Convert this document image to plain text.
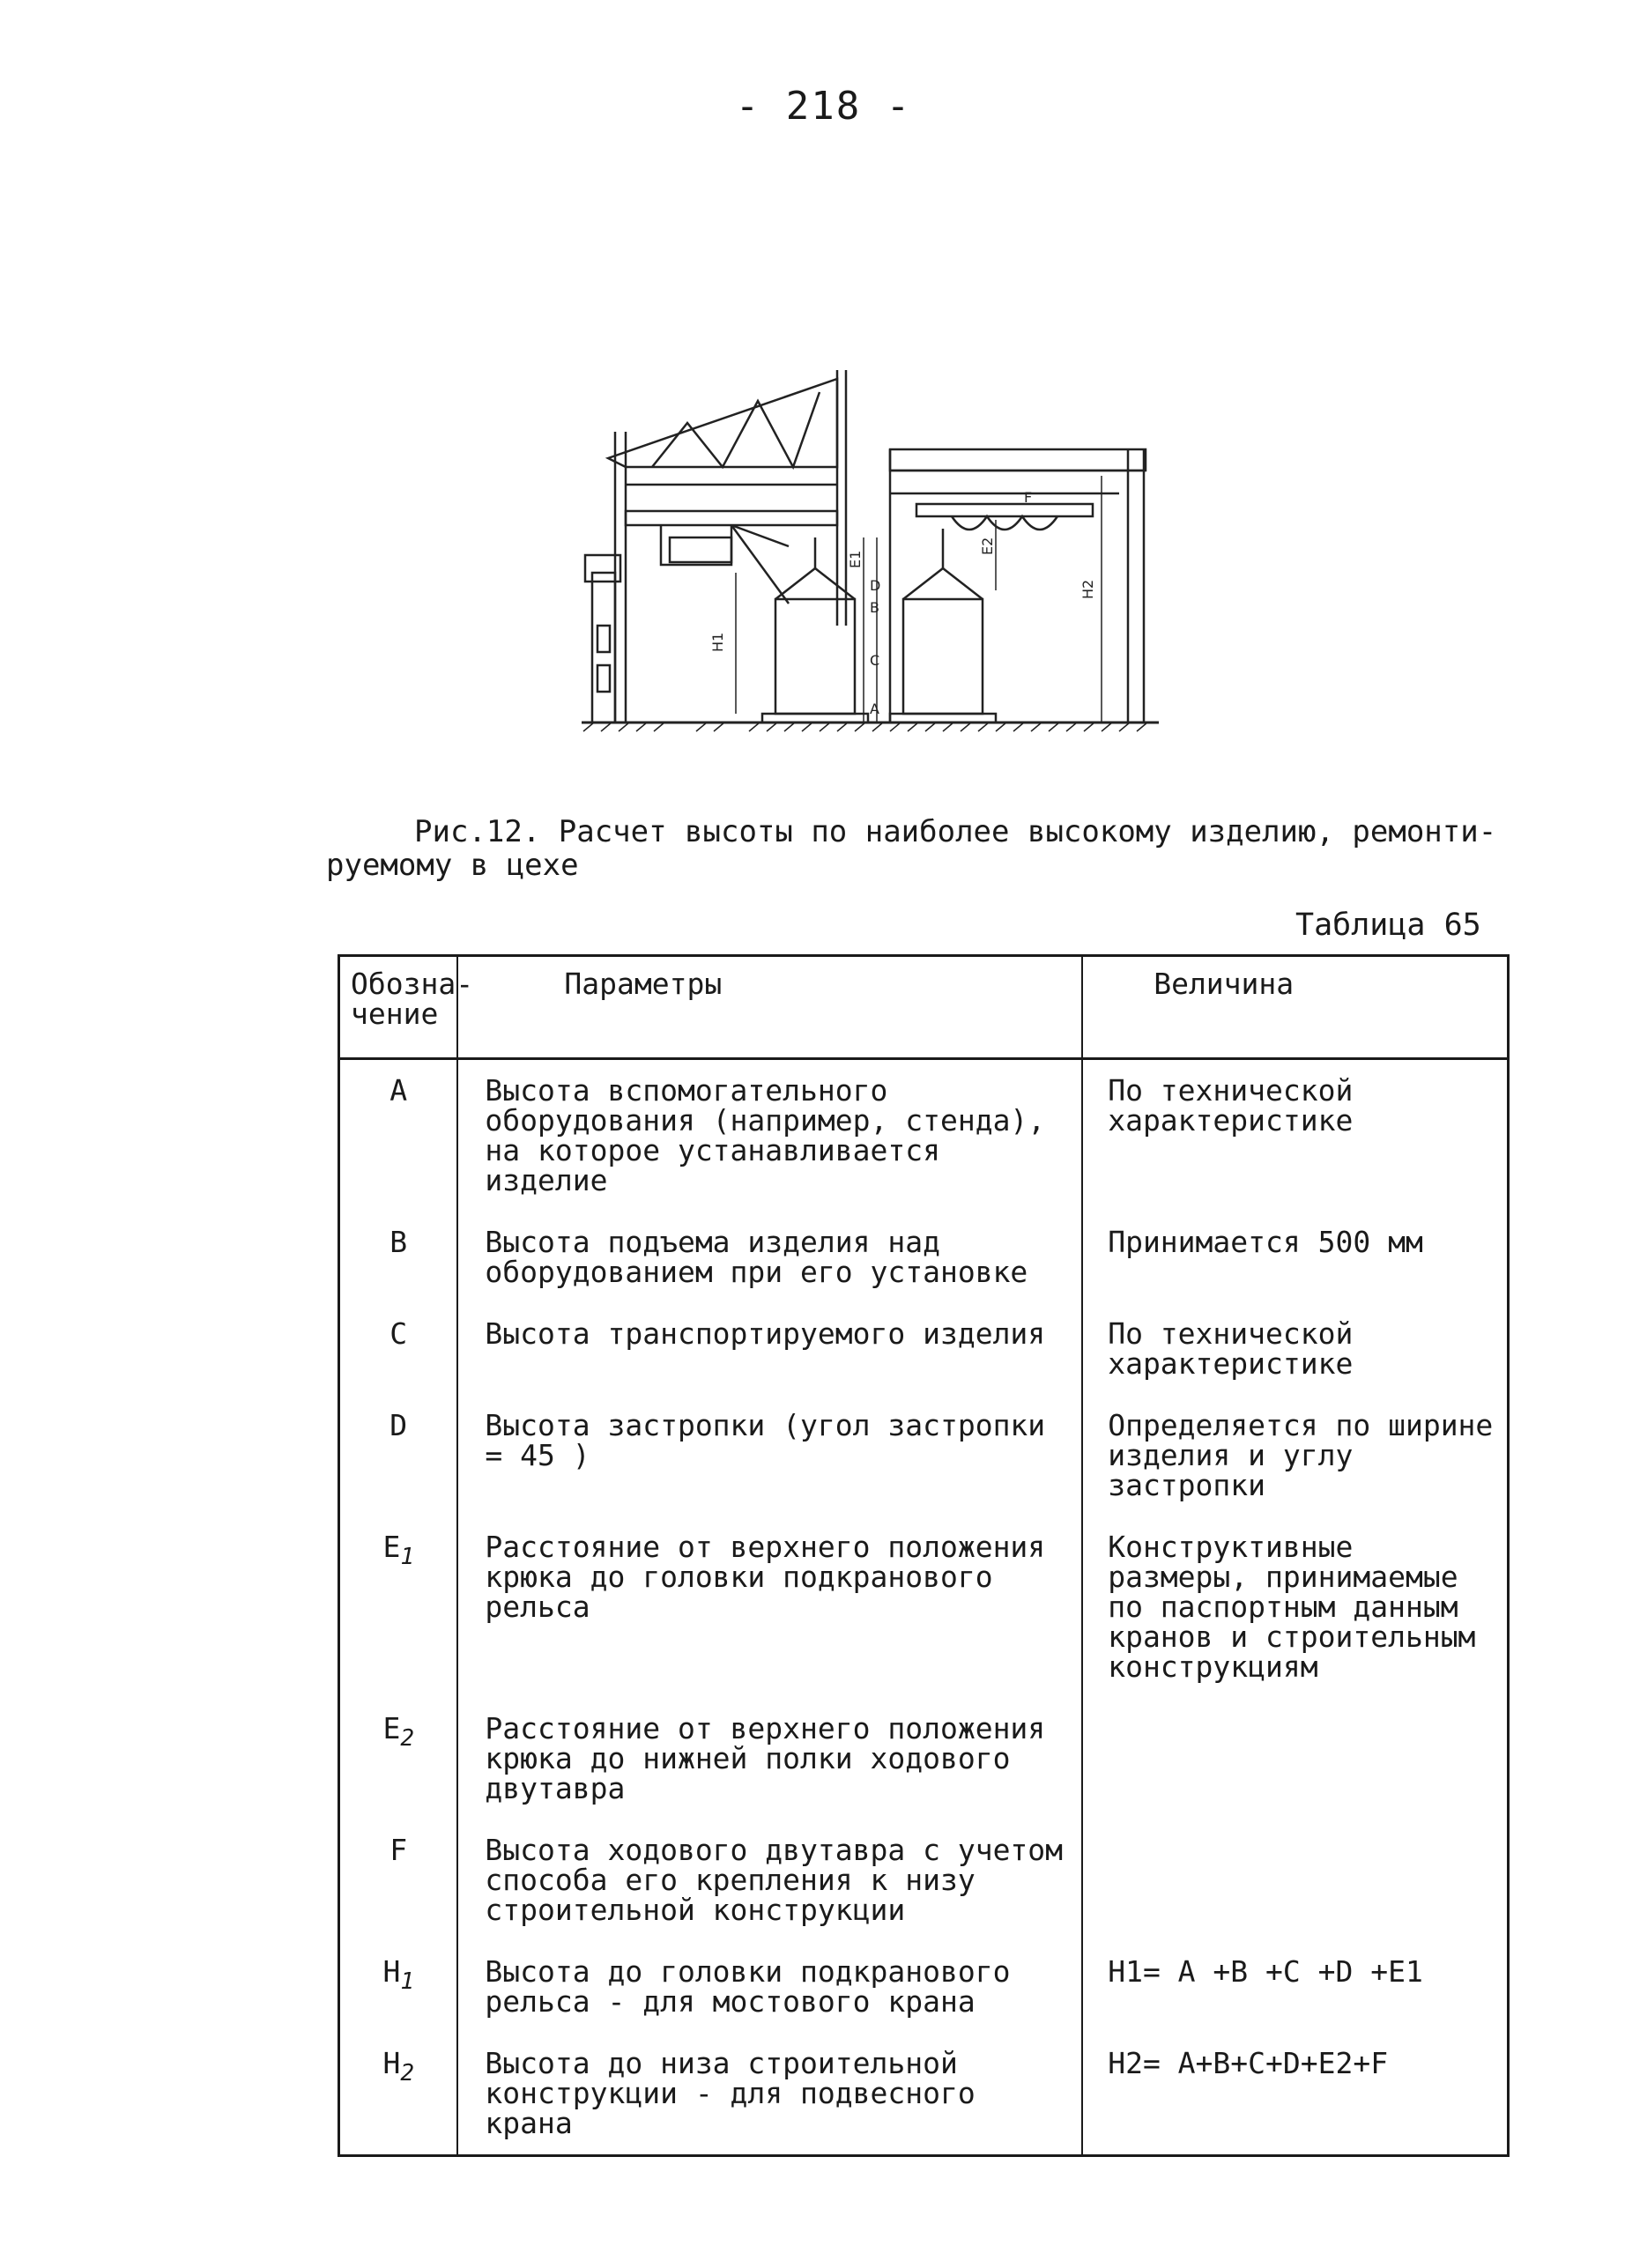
- 218 -
H1
H2
E1
E2
A
B
C
D
F
Рис.12. Расчет высоты по наиболее высокому изделию, ремонти-
руемому в цехе
Таблица 65
Обозна-чение	Параметры	Величина
A	Высота вспомогательного оборудования (например, стенда), на которое устанавливается изделие	По технической характеристике
B	Высота подъема изделия над оборудованием при его установке	Принимается 500 мм
C	Высота транспортируемого изделия	По технической характеристике
D	Высота застропки (угол застропки = 45 )	Определяется по ширине изделия и углу застропки
$E_1$	Расстояние от верхнего положения крюка до головки подкранового рельса	Конструктивные размеры, принимаемые по паспортным данным кранов и строительным конструкциям
$E_2$	Расстояние от верхнего положения крюка до нижней полки ходового двутавра	
F	Высота ходового двутавра с учетом способа его крепления к низу строительной конструкции	
$H_1$	Высота до головки подкранового рельса - для мостового крана	H1= A +B +C +D +E1
$H_2$	Высота до низа строительной конструкции - для подвесного крана	H2= A+B+C+D+E2+F
